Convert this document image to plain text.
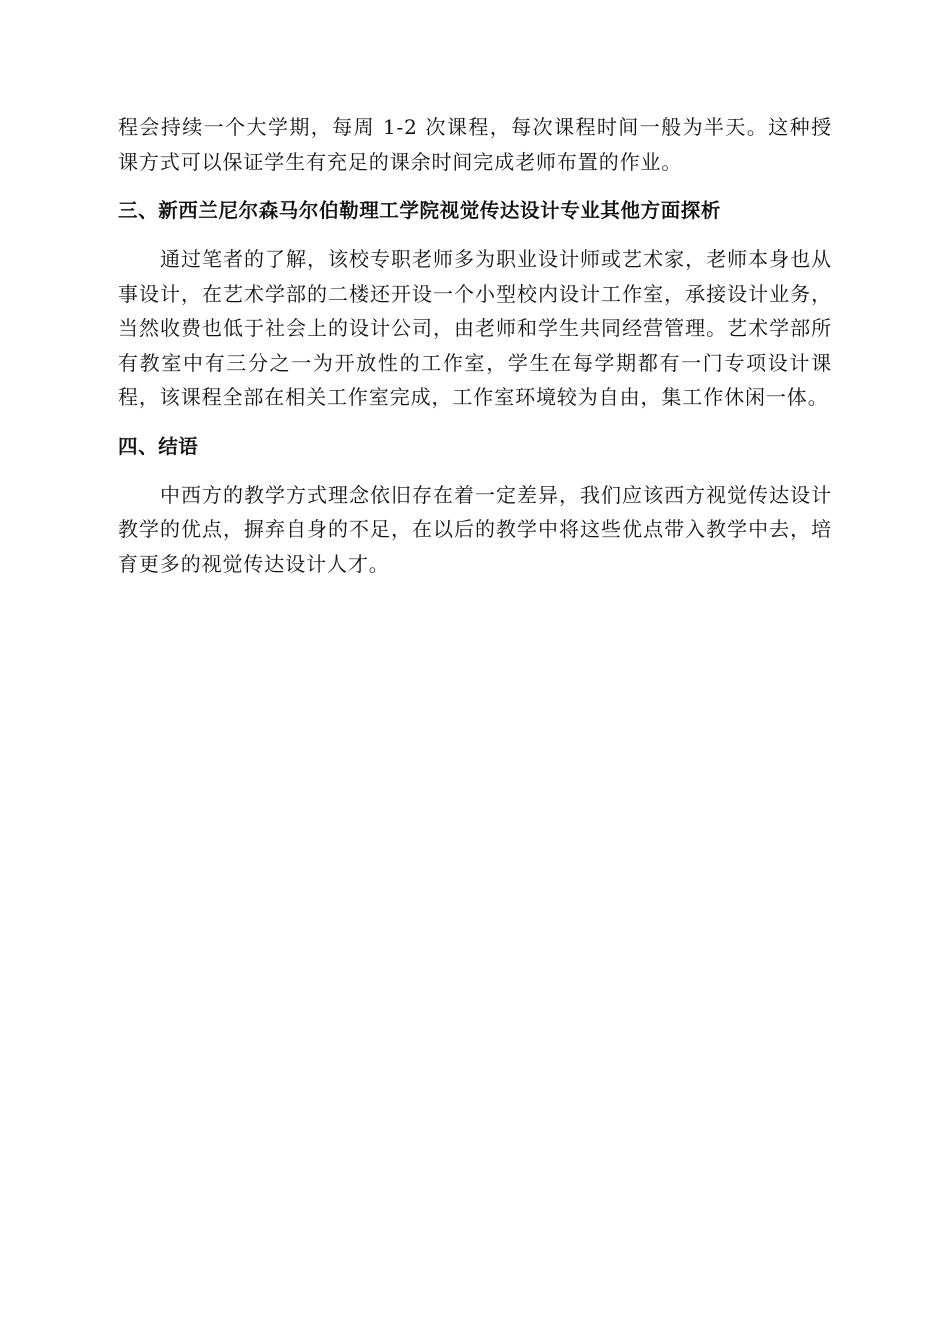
程会持续一个大学期，每周 1-2 次课程，每次课程时间一般为半天。这种授课方式可以保证学生有充足的课余时间完成老师布置的作业。

三、新西兰尼尔森马尔伯勒理工学院视觉传达设计专业其他方面探析

通过笔者的了解，该校专职老师多为职业设计师或艺术家，老师本身也从事设计，在艺术学部的二楼还开设一个小型校内设计工作室，承接设计业务，当然收费也低于社会上的设计公司，由老师和学生共同经营管理。艺术学部所有教室中有三分之一为开放性的工作室，学生在每学期都有一门专项设计课程，该课程全部在相关工作室完成，工作室环境较为自由，集工作休闲一体。

四、结语

中西方的教学方式理念依旧存在着一定差异，我们应该西方视觉传达设计教学的优点，摒弃自身的不足，在以后的教学中将这些优点带入教学中去，培育更多的视觉传达设计人才。
